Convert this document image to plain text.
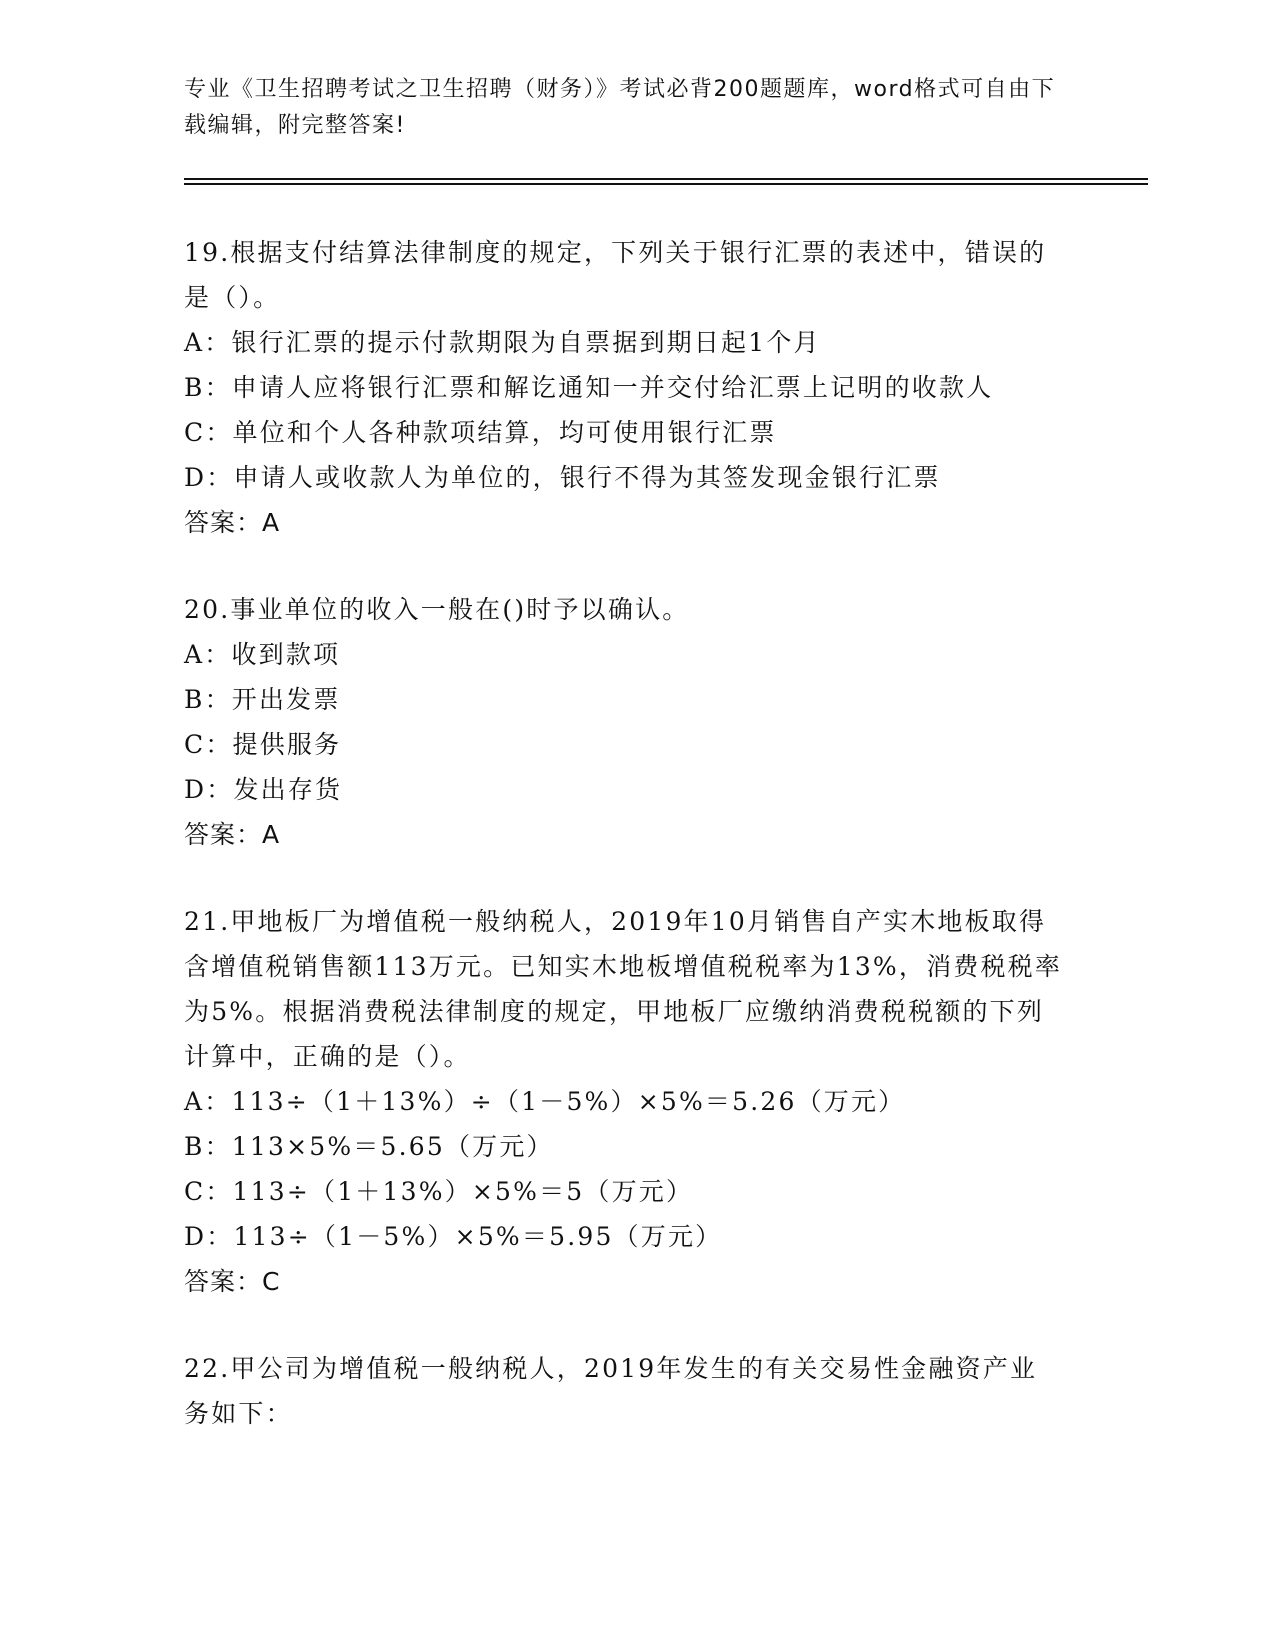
专业《卫生招聘考试之卫生招聘（财务）》考试必背200题题库，word格式可自由下载编辑，附完整答案!
19.根据支付结算法律制度的规定，下列关于银行汇票的表述中，错误的是（）。
A：银行汇票的提示付款期限为自票据到期日起1个月
B：申请人应将银行汇票和解讫通知一并交付给汇票上记明的收款人
C：单位和个人各种款项结算，均可使用银行汇票
D：申请人或收款人为单位的，银行不得为其签发现金银行汇票
答案：A
20.事业单位的收入一般在()时予以确认。
A：收到款项
B：开出发票
C：提供服务
D：发出存货
答案：A
21.甲地板厂为增值税一般纳税人，2019年10月销售自产实木地板取得含增值税销售额113万元。已知实木地板增值税税率为13%，消费税税率为5%。根据消费税法律制度的规定，甲地板厂应缴纳消费税税额的下列计算中，正确的是（）。
A：113÷（1＋13%）÷（1－5%）×5%＝5.26（万元）
B：113×5%＝5.65（万元）
C：113÷（1＋13%）×5%＝5（万元）
D：113÷（1－5%）×5%＝5.95（万元）
答案：C
22.甲公司为增值税一般纳税人，2019年发生的有关交易性金融资产业务如下：
